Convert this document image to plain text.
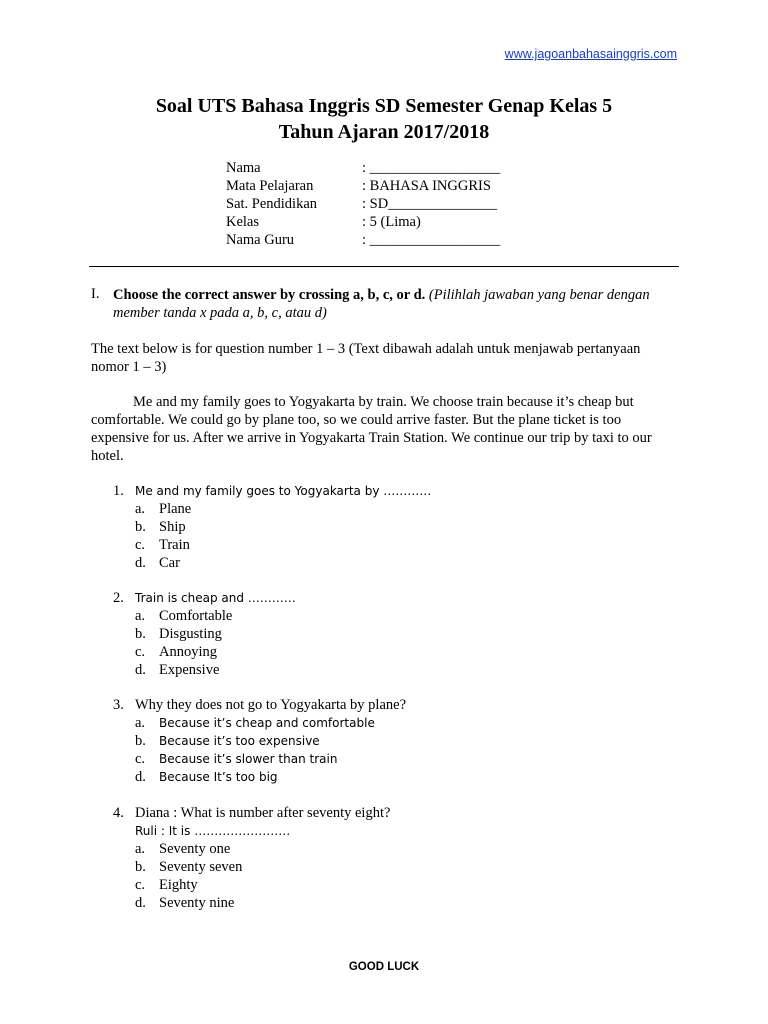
www.jagoanbahasainggris.com
Soal UTS Bahasa Inggris SD Semester Genap Kelas 5
Tahun Ajaran 2017/2018
Nama	: __________________
Mata Pelajaran	: BAHASA INGGRIS
Sat. Pendidikan	: SD_______________
Kelas	: 5 (Lima)
Nama Guru	: __________________
I. Choose the correct answer by crossing a, b, c, or d. (Pilihlah jawaban yang benar dengan member tanda x pada a, b, c, atau d)
The text below is for question number 1 – 3 (Text dibawah adalah untuk menjawab pertanyaan nomor 1 – 3)
Me and my family goes to Yogyakarta by train. We choose train because it’s cheap but comfortable. We could go by plane too, so we could arrive faster. But the plane ticket is too expensive for us. After we arrive in Yogyakarta Train Station. We continue our trip by taxi to our hotel.
1. Me and my family goes to Yogyakarta by …………
a. Plane
b. Ship
c. Train
d. Car
2. Train is cheap and …………
a. Comfortable
b. Disgusting
c. Annoying
d. Expensive
3. Why they does not go to Yogyakarta by plane?
a.	Because it’s cheap and comfortable
b.	Because it’s too expensive
c.	Because it’s slower than train
d.	Because It’s too big
4. Diana : What is number after seventy eight?
Ruli : It is ……………………
a. Seventy one
b. Seventy seven
c. Eighty
d. Seventy nine
GOOD LUCK
